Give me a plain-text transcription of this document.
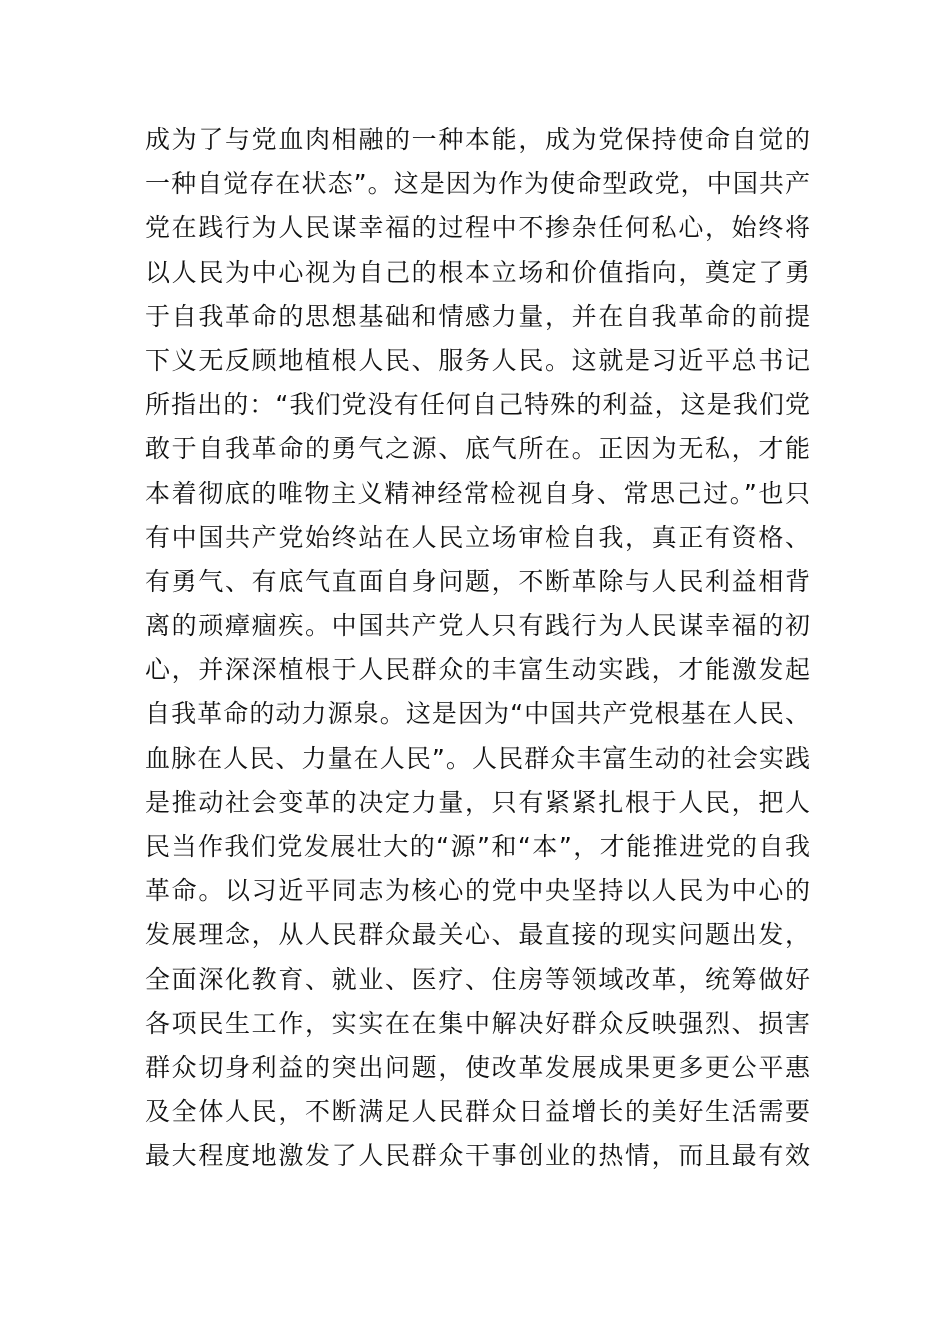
成为了与党血肉相融的一种本能，成为党保持使命自觉的
一种自觉存在状态”。这是因为作为使命型政党，中国共产
党在践行为人民谋幸福的过程中不掺杂任何私心，始终将
以人民为中心视为自己的根本立场和价值指向，奠定了勇
于自我革命的思想基础和情感力量，并在自我革命的前提
下义无反顾地植根人民、服务人民。这就是习近平总书记
所指出的：“我们党没有任何自己特殊的利益，这是我们党
敢于自我革命的勇气之源、底气所在。正因为无私，才能
本着彻底的唯物主义精神经常检视自身、常思己过。”也只
有中国共产党始终站在人民立场审检自我，真正有资格、
有勇气、有底气直面自身问题，不断革除与人民利益相背
离的顽瘴痼疾。中国共产党人只有践行为人民谋幸福的初
心，并深深植根于人民群众的丰富生动实践，才能激发起
自我革命的动力源泉。这是因为“中国共产党根基在人民、
血脉在人民、力量在人民”。人民群众丰富生动的社会实践
是推动社会变革的决定力量，只有紧紧扎根于人民，把人
民当作我们党发展壮大的“源”和“本”，才能推进党的自我
革命。以习近平同志为核心的党中央坚持以人民为中心的
发展理念，从人民群众最关心、最直接的现实问题出发，
全面深化教育、就业、医疗、住房等领域改革，统筹做好
各项民生工作，实实在在集中解决好群众反映强烈、损害
群众切身利益的突出问题，使改革发展成果更多更公平惠
及全体人民，不断满足人民群众日益增长的美好生活需要
最大程度地激发了人民群众干事创业的热情，而且最有效
